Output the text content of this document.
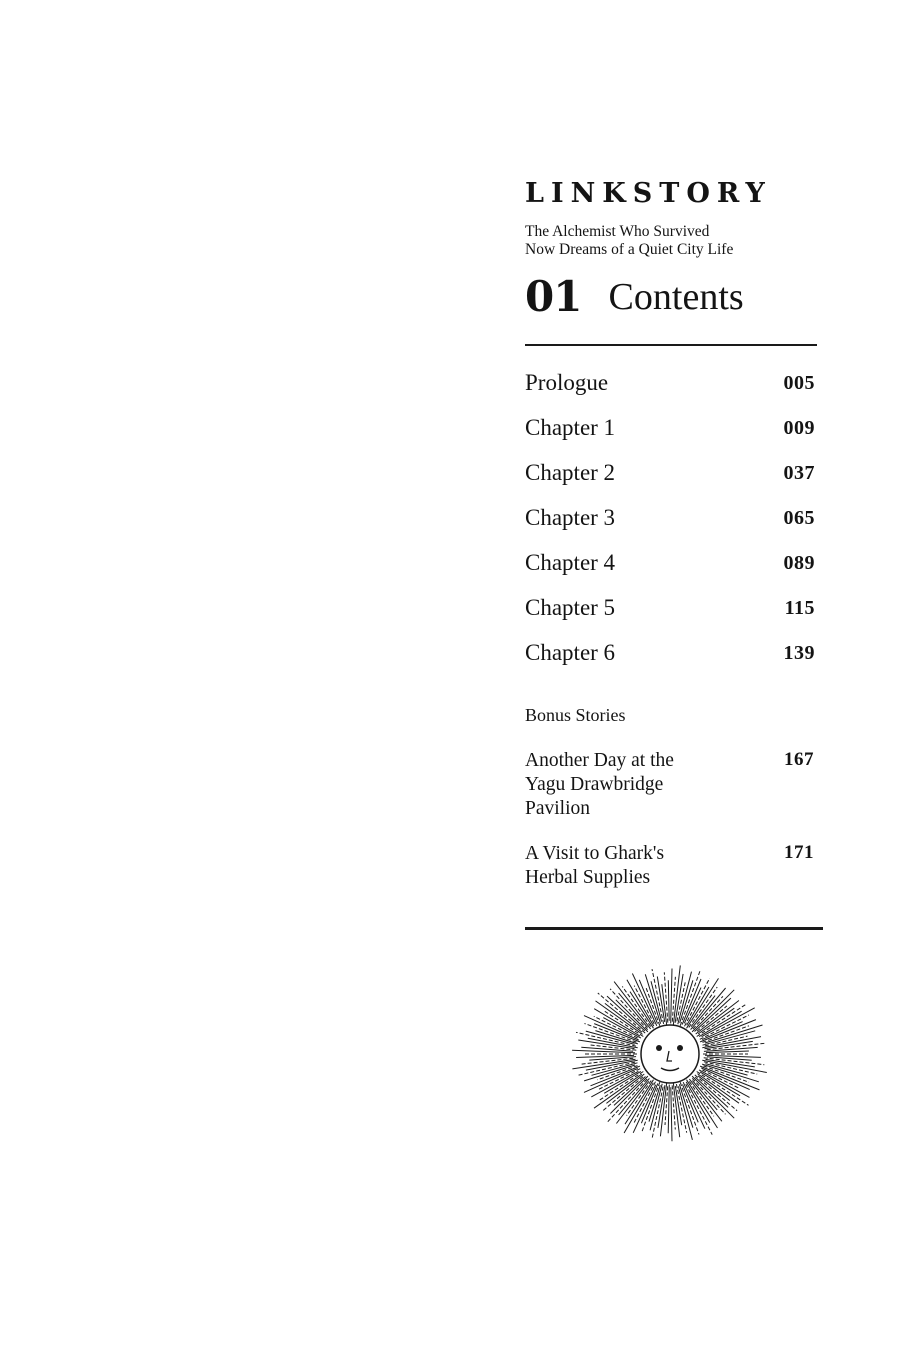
LINKSTORY
The Alchemist Who Survived
Now Dreams of a Quiet City Life
01 Contents
Prologue	005
Chapter 1	009
Chapter 2	037
Chapter 3	065
Chapter 4	089
Chapter 5	115
Chapter 6	139
Bonus Stories
Another Day at the
Yagu Drawbridge
Pavilion
167
A Visit to Ghark's
Herbal Supplies
171
